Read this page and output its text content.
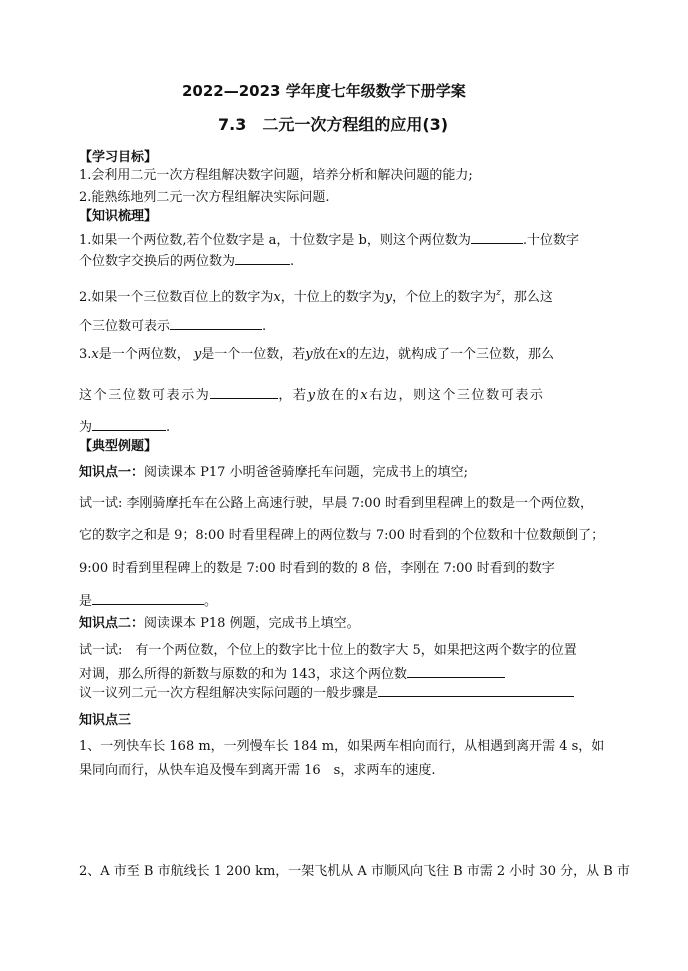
2022—2023 学年度七年级数学下册学案
7.3　二元一次方程组的应用(3)
【学习目标】
1.会利用二元一次方程组解决数字问题，培养分析和解决问题的能力;
2.能熟练地列二元一次方程组解决实际问题.
【知识梳理】
1.如果一个两位数,若个位数字是 a，十位数字是 b，则这个两位数为	.十位数字
个位数字交换后的两位数为	.
2.如果一个三位数百位上的数字为x，十位上的数字为y，个位上的数字为$^z$，那么这
个三位数可表示	.
3.x是一个两位数， y是一个一位数，若y放在x的左边，就构成了一个三位数，那么
这个三位数可表示为	，若y放在的x右边，则这个三位数可表示
为	.
【典型例题】
知识点一：阅读课本 P17 小明爸爸骑摩托车问题，完成书上的填空;
试一试: 李刚骑摩托车在公路上高速行驶，早晨 7:00 时看到里程碑上的数是一个两位数，
它的数字之和是 9；8:00 时看里程碑上的两位数与 7:00 时看到的个位数和十位数颠倒了；
9:00 时看到里程碑上的数是 7:00 时看到的数的 8 倍，李刚在 7:00 时看到的数字
是	。
知识点二：阅读课本 P18 例题，完成书上填空。
试一试:　有一个两位数，个位上的数字比十位上的数字大 5，如果把这两个数字的位置
对调，那么所得的新数与原数的和为 143，求这个两位数
议一议列二元一次方程组解决实际问题的一般步骤是
知识点三
1、一列快车长 168 m，一列慢车长 184 m，如果两车相向而行，从相遇到离开需 4 s，如
果同向而行，从快车追及慢车到离开需 16　s，求两车的速度.
2、A 市至 B 市航线长 1 200 km，一架飞机从 A 市顺风向飞往 B 市需 2 小时 30 分，从 B 市
